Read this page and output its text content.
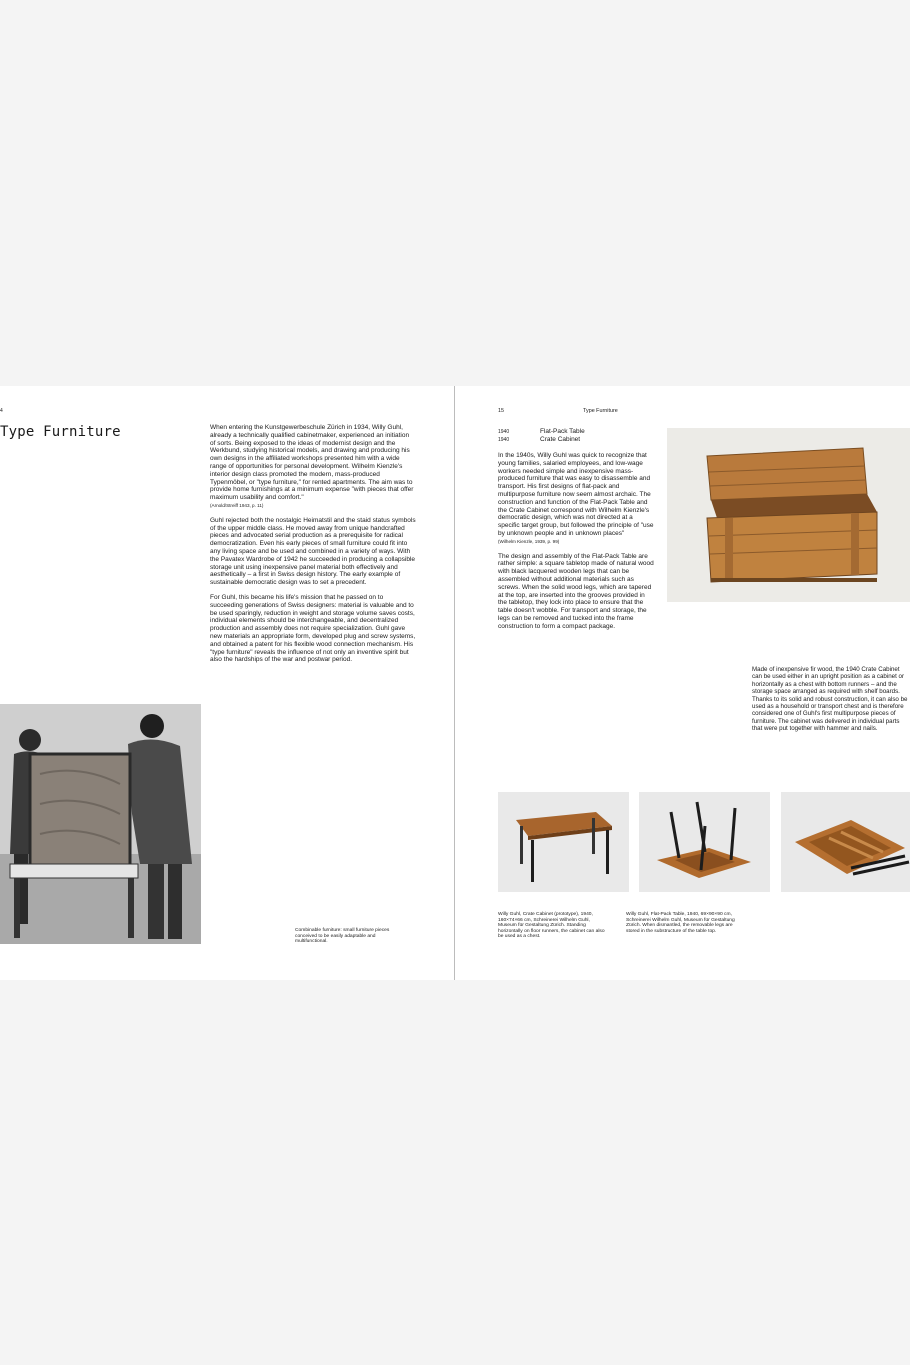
4
Type Furniture	When entering the Kunstgewerbeschule Zürich in 1934, Willy Guhl, already a technically qualified cabinetmaker, experienced an initiation of sorts. Being exposed to the ideas of modernist design and the Werkbund, studying historical models, and drawing and producing his own designs in the affiliated workshops presented him with a wide range of opportunities for personal development. Wilhelm Kienzle's interior design class promoted the modern, mass-produced Typenmöbel, or "type furniture," for rented apartments. The aim was to provide home furnishings at a minimum expense "with pieces that offer maximum usability and comfort."
(Arnold/Streiff 1943, p. 11)

Guhl rejected both the nostalgic Heimatstil and the staid status symbols of the upper middle class. He moved away from unique handcrafted pieces and advocated serial production as a prerequisite for radical democratization. Even his early pieces of small furniture could fit into any living space and be used and combined in a variety of ways. With the Pavatex Wardrobe of 1942 he succeeded in producing a collapsible storage unit using inexpensive panel material both effectively and aesthetically – a first in Swiss design history. The early example of sustainable democratic design was to set a precedent.

For Guhl, this became his life's mission that he passed on to succeeding generations of Swiss designers: material is valuable and to be used sparingly, reduction in weight and storage volume saves costs, individual elements should be interchangeable, and decentralized production and assembly does not require specialization. Guhl gave new materials an appropriate form, developed plug and screw systems, and obtained a patent for his flexible wood connection mechanism. His "type furniture" reveals the influence of not only an inventive spirit but also the hardships of the war and postwar period.

Combinable furniture: small furniture pieces conceived to be easily adaptable and multifunctional.
15	Type Furniture
1940	Flat-Pack Table
1940	Crate Cabinet

In the 1940s, Willy Guhl was quick to recognize that young families, salaried employees, and low-wage workers needed simple and inexpensive mass-produced furniture that was easy to disassemble and transport. His first designs of flat-pack and multipurpose furniture now seem almost archaic. The construction and function of the Flat-Pack Table and the Crate Cabinet correspond with Wilhelm Kienzle's democratic design, which was not directed at a specific target group, but followed the principle of "use by unknown people and in unknown places"
(Wilhelm Kienzle, 1939, p. 99)

The design and assembly of the Flat-Pack Table are rather simple: a square tabletop made of natural wood with black lacquered wooden legs that can be assembled without additional materials such as screws. When the solid wood legs, which are tapered at the top, are inserted into the grooves provided in the tabletop, they lock into place to ensure that the table doesn't wobble. For transport and storage, the legs can be removed and tucked into the frame construction to form a compact package.

Made of inexpensive fir wood, the 1940 Crate Cabinet can be used either in an upright position as a cabinet or horizontally as a chest with bottom runners – and the storage space arranged as required with shelf boards. Thanks to its solid and robust construction, it can also be used as a household or transport chest and is therefore considered one of Guhl's first multipurpose pieces of furniture. The cabinet was delivered in individual parts that were put together with hammer and nails.
Willy Guhl, Crate Cabinet (prototype), 1940, 160×74×66 cm, Schreinerei Wilhelm Guhl, Museum für Gestaltung Zürich. Standing horizontally on floor runners, the cabinet can also be used as a chest.
Willy Guhl, Flat-Pack Table, 1940, 69×90×90 cm, Schreinerei Wilhelm Guhl, Museum für Gestaltung Zürich. When dismantled, the removable legs are stored in the substructure of the table top.
